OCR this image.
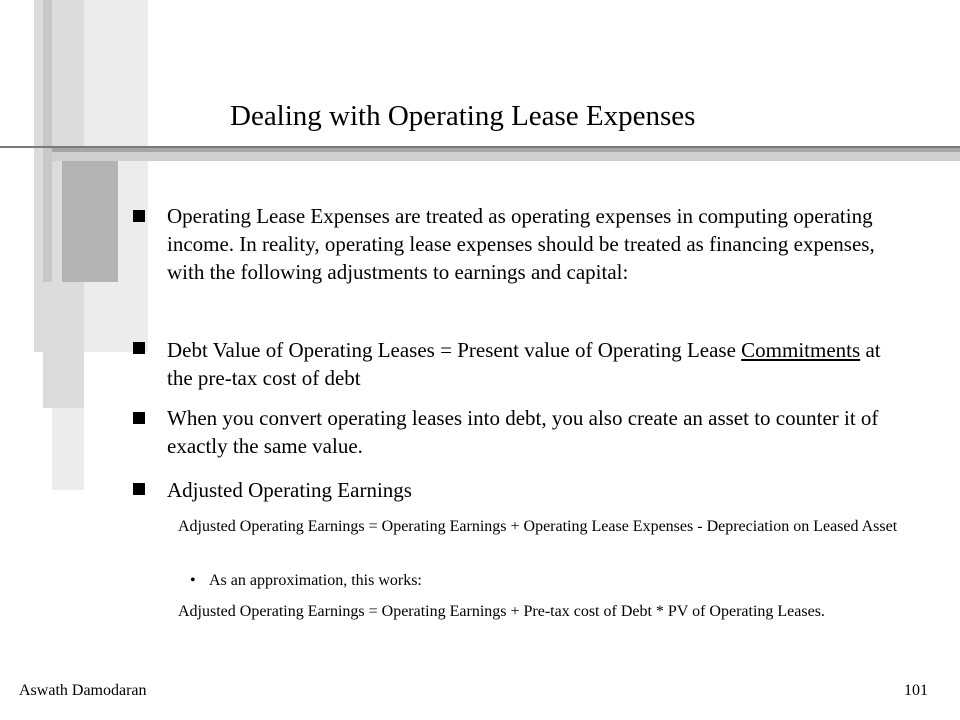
Dealing with Operating Lease Expenses
Operating Lease Expenses are treated as operating expenses in computing operating income. In reality, operating lease expenses should be treated as financing expenses, with the following adjustments to earnings and capital:
Debt Value of Operating Leases = Present value of Operating Lease Commitments at the pre-tax cost of debt
When you convert operating leases into debt, you also create an asset to counter it of exactly the same value.
Adjusted Operating Earnings
Adjusted Operating Earnings = Operating Earnings + Operating Lease Expenses - Depreciation on Leased Asset
• As an approximation, this works:
Adjusted Operating Earnings = Operating Earnings + Pre-tax cost of Debt * PV of Operating Leases.
Aswath Damodaran	101
